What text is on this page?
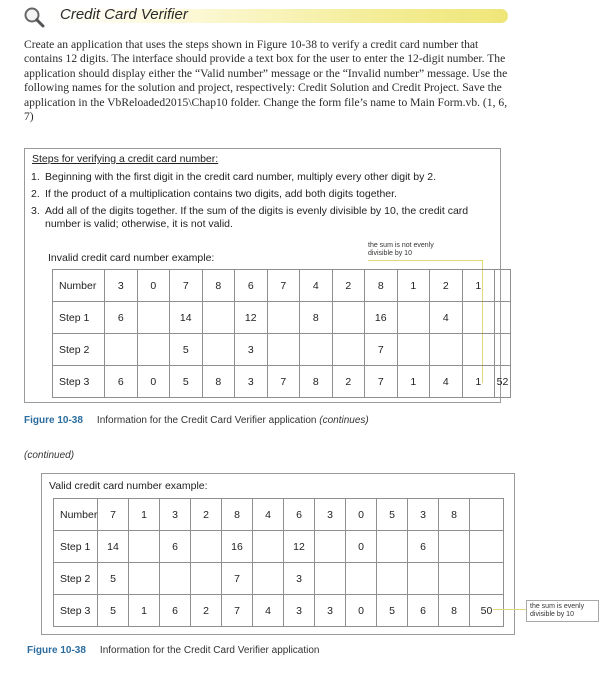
Credit Card Verifier
Create an application that uses the steps shown in Figure 10-38 to verify a credit card number that contains 12 digits. The interface should provide a text box for the user to enter the 12-digit number. The application should display either the “Valid number” message or the “Invalid number” message. Use the following names for the solution and project, respectively: Credit Solution and Credit Project. Save the application in the VbReloaded2015\Chap10 folder. Change the form file’s name to Main Form.vb. (1, 6, 7)
Steps for verifying a credit card number:
1. Beginning with the first digit in the credit card number, multiply every other digit by 2.
2. If the product of a multiplication contains two digits, add both digits together.
3. Add all of the digits together. If the sum of the digits is evenly divisible by 10, the credit card number is valid; otherwise, it is not valid.
Invalid credit card number example:
the sum is not evenly divisible by 10
Number	3	0	7	8	6	7	4	2	8	1	2	1	
Step 1	6		14		12		8		16		4		
Step 2			5		3				7				
Step 3	6	0	5	8	3	7	8	2	7	1	4	1	52
Figure 10-38 Information for the Credit Card Verifier application (continues)
(continued)
Valid credit card number example:
Number	7	1	3	2	8	4	6	3	0	5	3	8	
Step 1	14		6		16		12		0		6		
Step 2	5				7		3						
Step 3	5	1	6	2	7	4	3	3	0	5	6	8	50	the sum is evenly divisible by 10
Figure 10-38 Information for the Credit Card Verifier application
